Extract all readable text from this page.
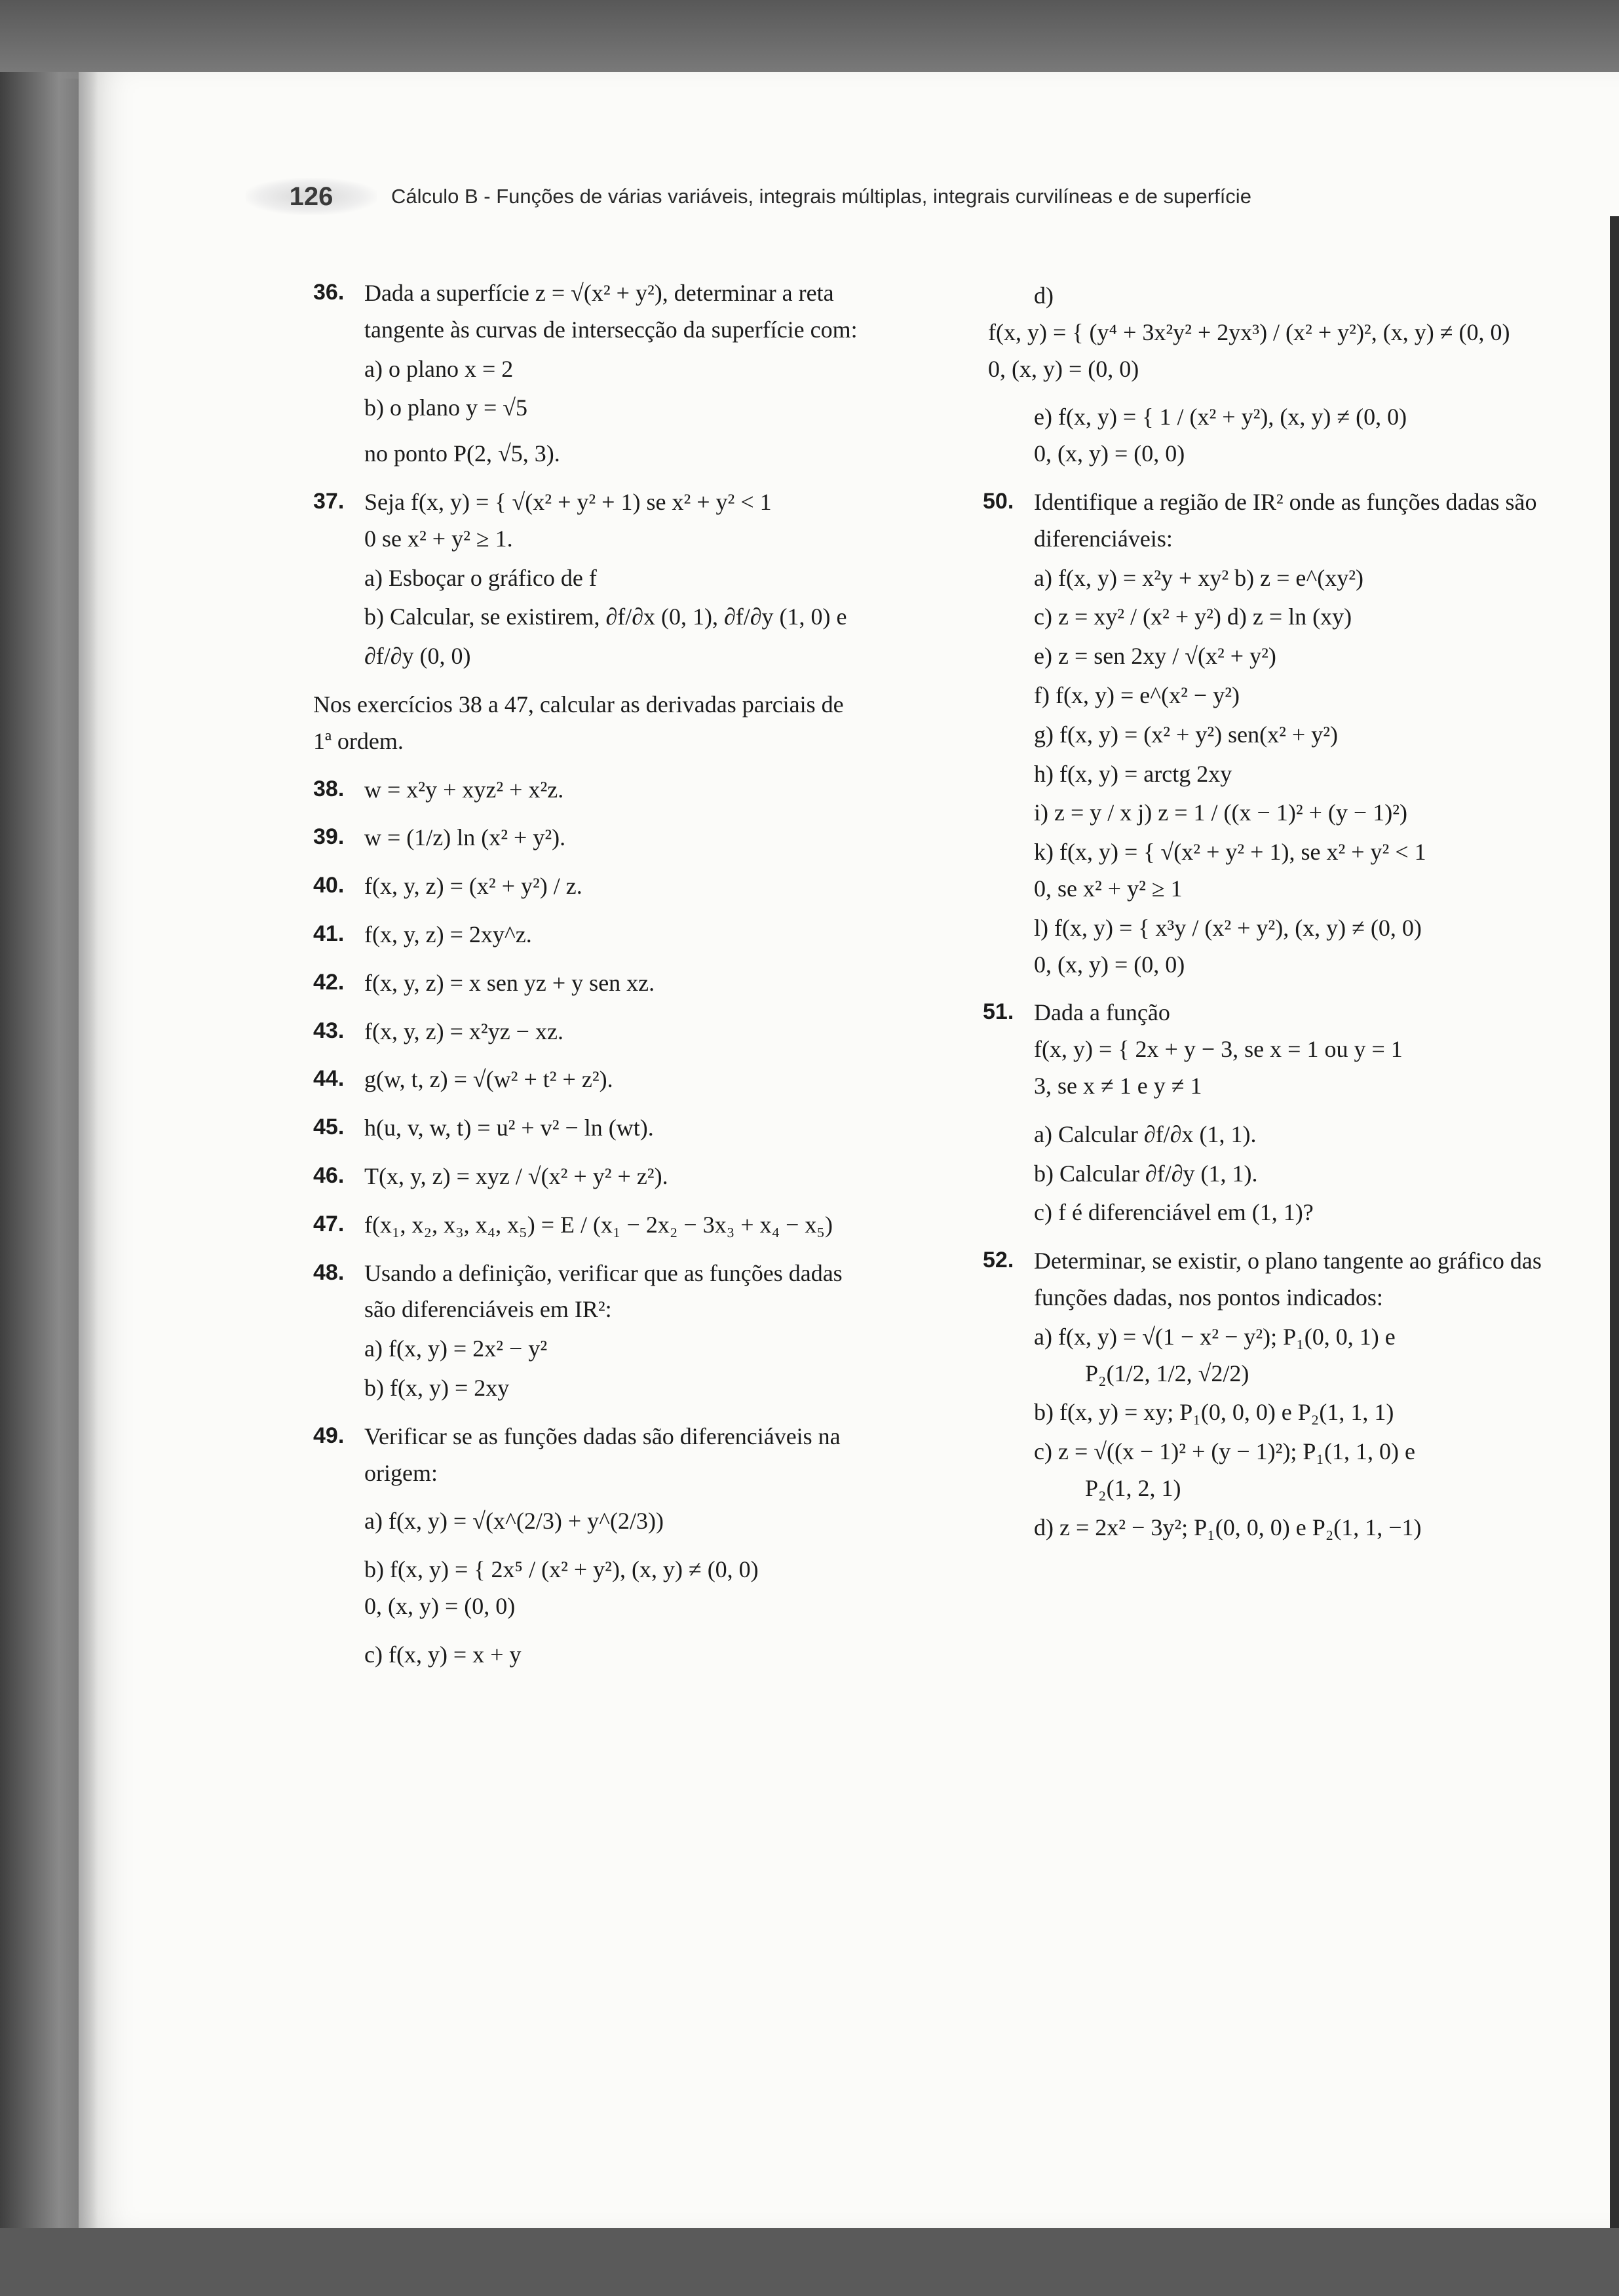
126	Cálculo B - Funções de várias variáveis, integrais múltiplas, integrais curvilíneas e de superfície
36. Dada a superfície z = √(x² + y²), determinar a reta
tangente às curvas de intersecção da superfície com:
a) o plano x = 2
b) o plano y = √5
no ponto P(2, √5, 3).
37. Seja f(x, y) = { √(x² + y² + 1) se x² + y² < 1
0 se x² + y² ≥ 1.
a) Esboçar o gráfico de f
b) Calcular, se existirem, ∂f/∂x (0, 1), ∂f/∂y (1, 0) e
∂f/∂y (0, 0)
Nos exercícios 38 a 47, calcular as derivadas parciais de
1ª ordem.
38. w = x²y + xyz² + x²z.
39. w = (1/z) ln (x² + y²).
40. f(x, y, z) = (x² + y²) / z.
41. f(x, y, z) = 2xy^z.
42. f(x, y, z) = x sen yz + y sen xz.
43. f(x, y, z) = x²yz − xz.
44. g(w, t, z) = √(w² + t² + z²).
45. h(u, v, w, t) = u² + v² − ln (wt).
46. T(x, y, z) = xyz / √(x² + y² + z²).
47. f(x₁, x₂, x₃, x₄, x₅) = E / (x₁ − 2x₂ − 3x₃ + x₄ − x₅)
48. Usando a definição, verificar que as funções dadas
são diferenciáveis em IR²:
a) f(x, y) = 2x² − y²
b) f(x, y) = 2xy
49. Verificar se as funções dadas são diferenciáveis na
origem:
a) f(x, y) = √(x^(2/3) + y^(2/3))
b) f(x, y) = { 2x⁵ / (x² + y²), (x, y) ≠ (0, 0)
0, (x, y) = (0, 0)
c) f(x, y) = x + y
d)
f(x, y) = { (y⁴ + 3x²y² + 2yx³) / (x² + y²)², (x, y) ≠ (0, 0)
0, (x, y) = (0, 0)
e) f(x, y) = { 1 / (x² + y²), (x, y) ≠ (0, 0)
0, (x, y) = (0, 0)
50. Identifique a região de IR² onde as funções dadas são
diferenciáveis:
a) f(x, y) = x²y + xy² b) z = e^(xy²)
c) z = xy² / (x² + y²) d) z = ln (xy)
e) z = sen 2xy / √(x² + y²)
f) f(x, y) = e^(x² − y²)
g) f(x, y) = (x² + y²) sen(x² + y²)
h) f(x, y) = arctg 2xy
i) z = y / x j) z = 1 / ((x − 1)² + (y − 1)²)
k) f(x, y) = { √(x² + y² + 1), se x² + y² < 1
0, se x² + y² ≥ 1
l) f(x, y) = { x³y / (x² + y²), (x, y) ≠ (0, 0)
0, (x, y) = (0, 0)
51. Dada a função
f(x, y) = { 2x + y − 3, se x = 1 ou y = 1
3, se x ≠ 1 e y ≠ 1
a) Calcular ∂f/∂x (1, 1).
b) Calcular ∂f/∂y (1, 1).
c) f é diferenciável em (1, 1)?
52. Determinar, se existir, o plano tangente ao gráfico das
funções dadas, nos pontos indicados:
a) f(x, y) = √(1 − x² − y²); P₁(0, 0, 1) e
P₂(1/2, 1/2, √2/2)
b) f(x, y) = xy; P₁(0, 0, 0) e P₂(1, 1, 1)
c) z = √((x − 1)² + (y − 1)²); P₁(1, 1, 0) e
P₂(1, 2, 1)
d) z = 2x² − 3y²; P₁(0, 0, 0) e P₂(1, 1, −1)
